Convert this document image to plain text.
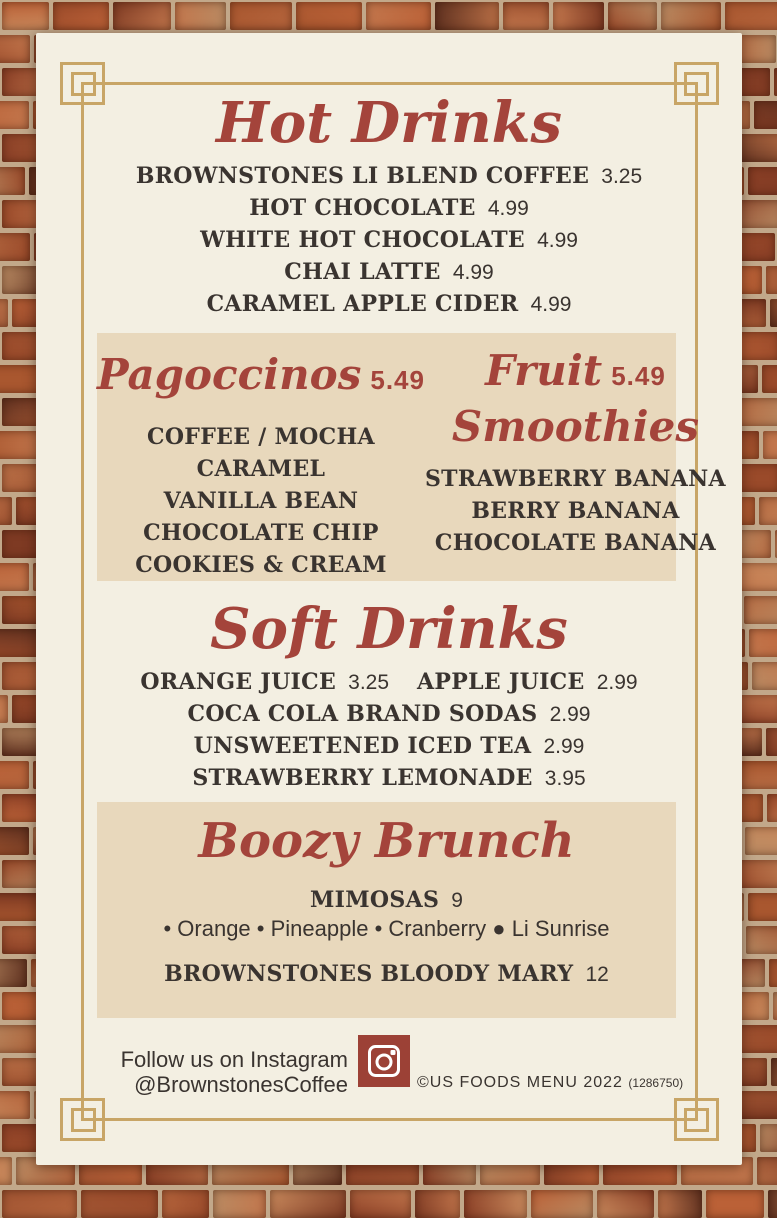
Hot Drinks
BROWNSTONES LI BLEND COFFEE 3.25
HOT CHOCOLATE 4.99
WHITE HOT CHOCOLATE 4.99
CHAI LATTE 4.99
CARAMEL APPLE CIDER 4.99
Pagoccinos 5.49
COFFEE / MOCHA
CARAMEL
VANILLA BEAN
CHOCOLATE CHIP
COOKIES & CREAM
Fruit 5.49
Smoothies
STRAWBERRY BANANA
BERRY BANANA
CHOCOLATE BANANA
Soft Drinks
ORANGE JUICE 3.25 APPLE JUICE 2.99
COCA COLA BRAND SODAS 2.99
UNSWEETENED ICED TEA 2.99
STRAWBERRY LEMONADE 3.95
Boozy Brunch
MIMOSAS 9
• Orange • Pineapple • Cranberry ● Li Sunrise
BROWNSTONES BLOODY MARY 12
Follow us on Instagram
@BrownstonesCoffee	©US FOODS MENU 2022 (1286750)
